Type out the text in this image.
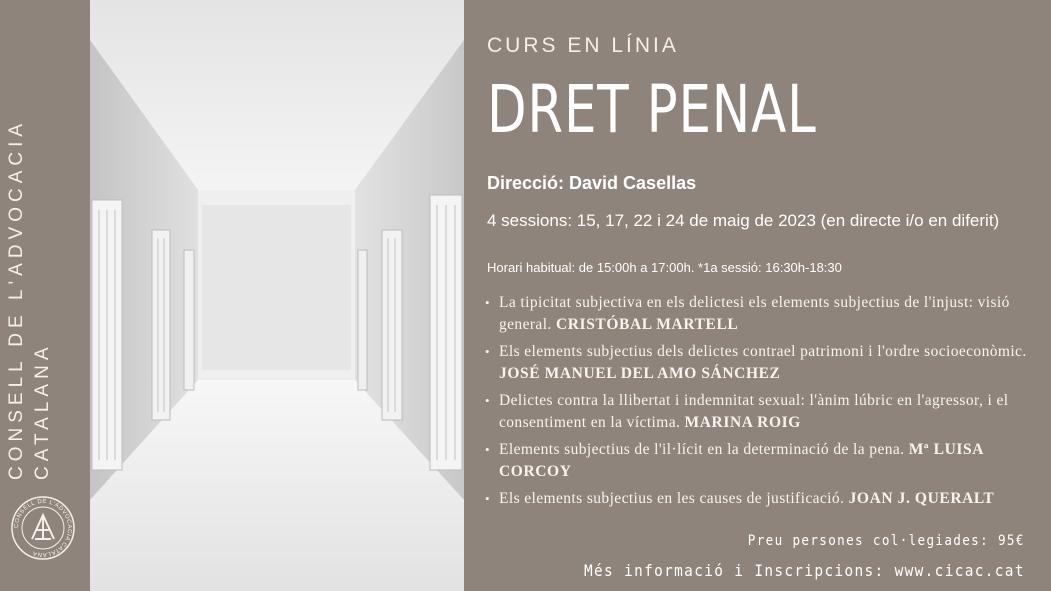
CONSELL DE L'ADVOCACIA CATALANA
CONSELL DE L'ADVOCACIA CATALANA
CURS EN LÍNIA
DRET PENAL
Direcció: David Casellas
4 sessions: 15, 17, 22 i 24 de maig de 2023 (en directe i/o en diferit)
Horari habitual: de 15:00h a 17:00h. *1a sessió: 16:30h-18:30
• La tipicitat subjectiva en els delictesi els elements subjectius de l'injust: visió general. CRISTÓBAL MARTELL
• Els elements subjectius dels delictes contrael patrimoni i l'ordre socioeconòmic. JOSÉ MANUEL DEL AMO SÁNCHEZ
• Delictes contra la llibertat i indemnitat sexual: l'ànim lúbric en l'agressor, i el consentiment en la víctima. MARINA ROIG
• Elements subjectius de l'il·lícit en la determinació de la pena. Mª LUISA CORCOY
• Els elements subjectius en les causes de justificació. JOAN J. QUERALT
Preu persones col·legiades: 95€
Més informació i Inscripcions: www.cicac.cat
